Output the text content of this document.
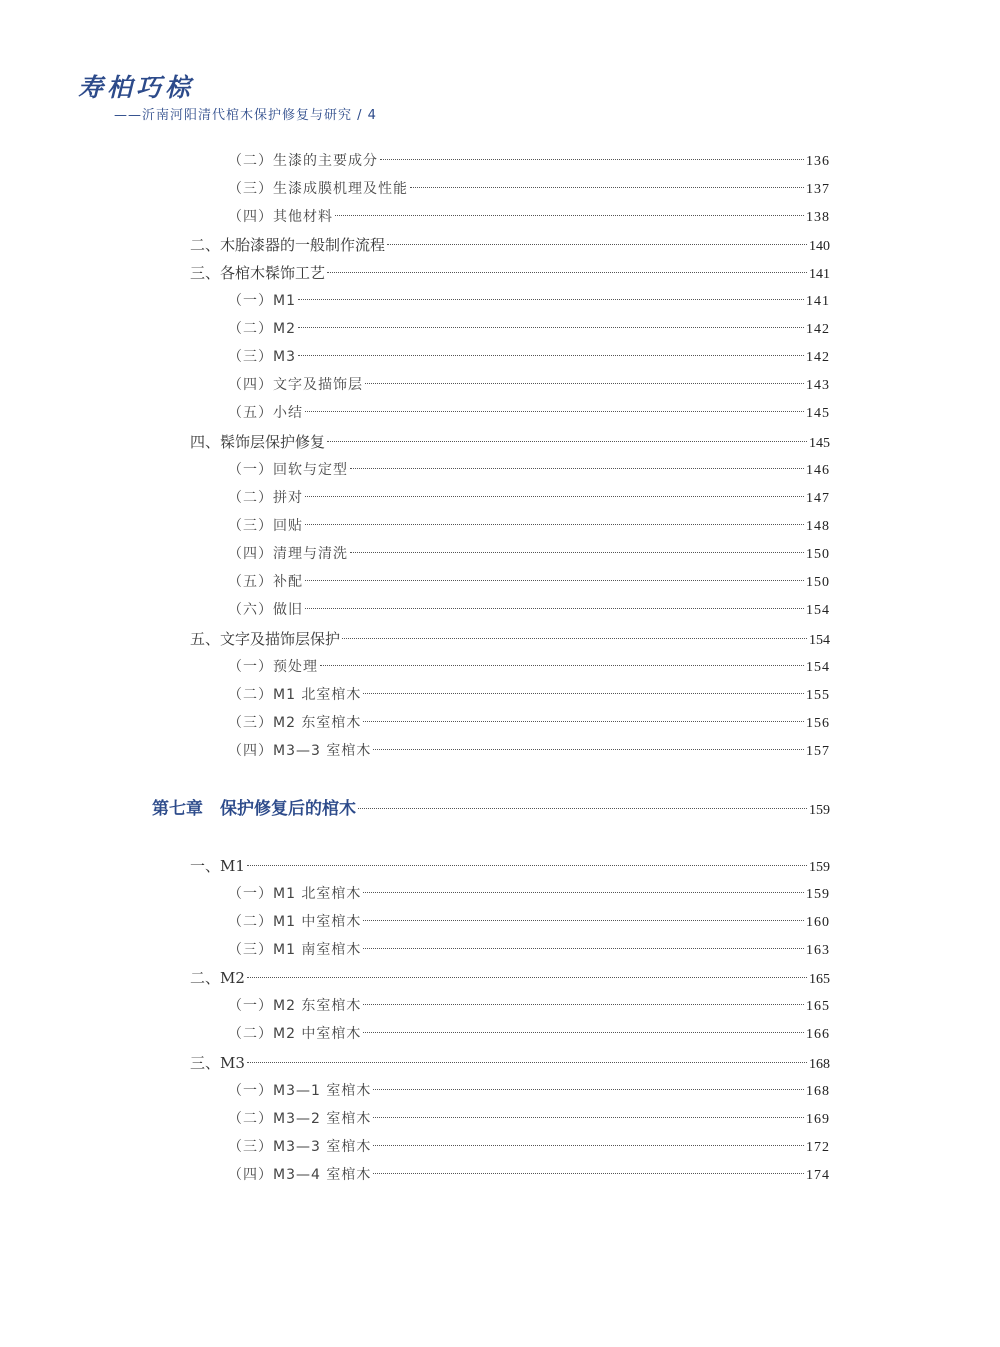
寿柏巧棕
——沂南河阳清代棺木保护修复与研究 / 4
（二）生漆的主要成分	136
（三）生漆成膜机理及性能	137
（四）其他材料	138
二、木胎漆器的一般制作流程	140
三、各棺木髹饰工艺	141
（一）M1	141
（二）M2	142
（三）M3	142
（四）文字及描饰层	143
（五）小结	145
四、髹饰层保护修复	145
（一）回软与定型	146
（二）拼对	147
（三）回贴	148
（四）清理与清洗	150
（五）补配	150
（六）做旧	154
五、文字及描饰层保护	154
（一）预处理	154
（二）M1 北室棺木	155
（三）M2 东室棺木	156
（四）M3—3 室棺木	157
第七章　保护修复后的棺木	159
一、M1	159
（一）M1 北室棺木	159
（二）M1 中室棺木	160
（三）M1 南室棺木	163
二、M2	165
（一）M2 东室棺木	165
（二）M2 中室棺木	166
三、M3	168
（一）M3—1 室棺木	168
（二）M3—2 室棺木	169
（三）M3—3 室棺木	172
（四）M3—4 室棺木	174
